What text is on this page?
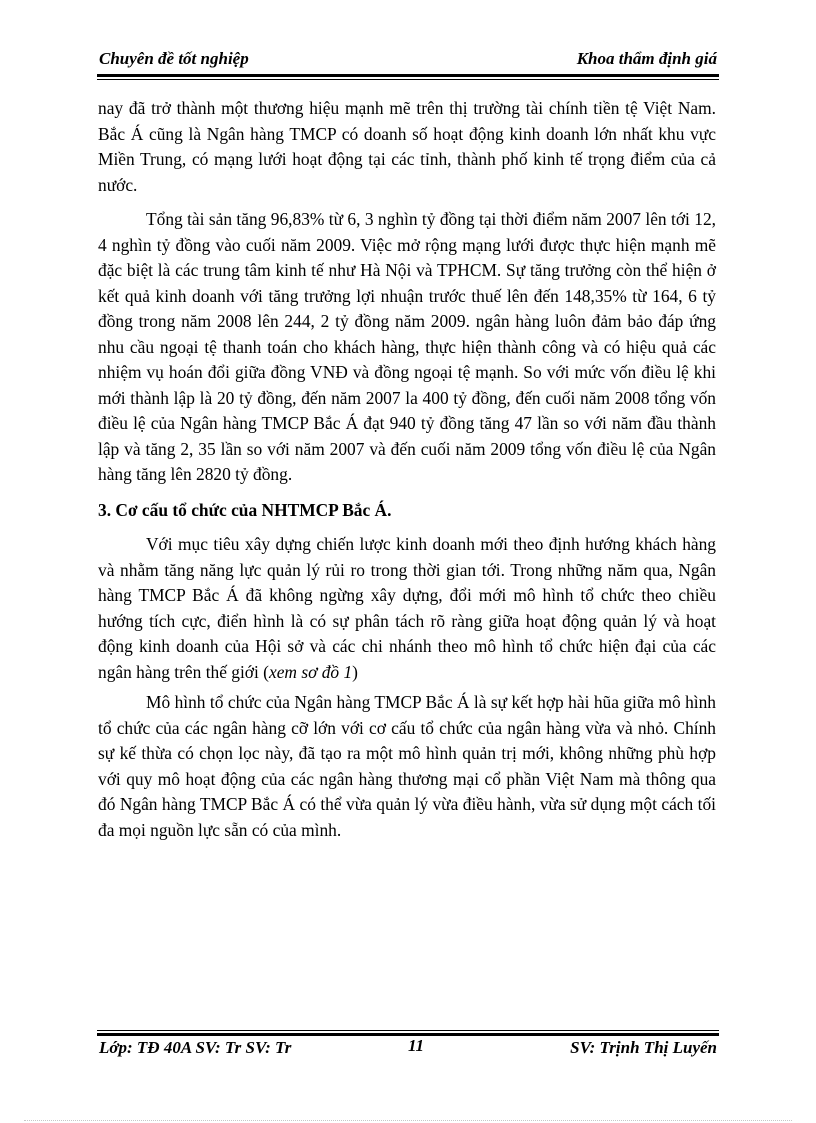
Chuyên đề tốt nghiệp	Khoa thẩm định giá

nay đã trở thành một thương hiệu mạnh mẽ trên thị trường tài chính tiền tệ Việt Nam. Bắc Á cũng là Ngân hàng TMCP có doanh số hoạt động kinh doanh lớn nhất khu vực Miền Trung, có mạng lưới hoạt động tại các tỉnh, thành phố kinh tế trọng điểm của cả nước.

Tổng tài sản tăng 96,83% từ 6, 3 nghìn tỷ đồng tại thời điểm năm 2007 lên tới 12, 4 nghìn tỷ đồng vào cuối năm 2009. Việc mở rộng mạng lưới được thực hiện mạnh mẽ đặc biệt là các trung tâm kinh tế như Hà Nội và TPHCM. Sự tăng trưởng còn thể hiện ở kết quả kinh doanh với tăng trưởng lợi nhuận trước thuế lên đến 148,35% từ 164, 6 tỷ đồng trong năm 2008 lên 244, 2 tỷ đồng năm 2009. ngân hàng luôn đảm bảo đáp ứng nhu cầu ngoại tệ thanh toán cho khách hàng, thực hiện thành công và có hiệu quả các nhiệm vụ hoán đổi giữa đồng VNĐ và đồng ngoại tệ mạnh. So với mức vốn điều lệ khi mới thành lập là 20 tỷ đồng, đến năm 2007 la 400 tỷ đồng, đến cuối năm 2008 tổng vốn điều lệ của Ngân hàng TMCP Bắc Á đạt 940 tỷ đồng tăng 47 lần so với năm đầu thành lập và tăng 2, 35 lần so với năm 2007 và đến cuối năm 2009 tổng vốn điều lệ của Ngân hàng tăng lên 2820 tỷ đồng.

3. Cơ cấu tổ chức của NHTMCP Bắc Á.

Với mục tiêu xây dựng chiến lược kinh doanh mới theo định hướng khách hàng và nhằm tăng năng lực quản lý rủi ro trong thời gian tới. Trong những năm qua, Ngân hàng TMCP Bắc Á đã không ngừng xây dựng, đổi mới mô hình tổ chức theo chiều hướng tích cực, điển hình là có sự phân tách rõ ràng giữa hoạt động quản lý và hoạt động kinh doanh của Hội sở và các chi nhánh theo mô hình tổ chức hiện đại của các ngân hàng trên thế giới (xem sơ đồ 1)

Mô hình tổ chức của Ngân hàng TMCP Bắc Á là sự kết hợp hài hũa giữa mô hình tổ chức của các ngân hàng cỡ lớn với cơ cấu tổ chức của ngân hàng vừa và nhỏ. Chính sự kế thừa có chọn lọc này, đã tạo ra một mô hình quản trị mới, không những phù hợp với quy mô hoạt động của các ngân hàng thương mại cổ phần Việt Nam mà thông qua đó Ngân hàng TMCP Bắc Á có thể vừa quản lý vừa điều hành, vừa sử dụng một cách tối đa mọi nguồn lực sẵn có của mình.

Lớp: TĐ 40A SV: Tr SV: Tr	11	SV: Trịnh Thị Luyến
